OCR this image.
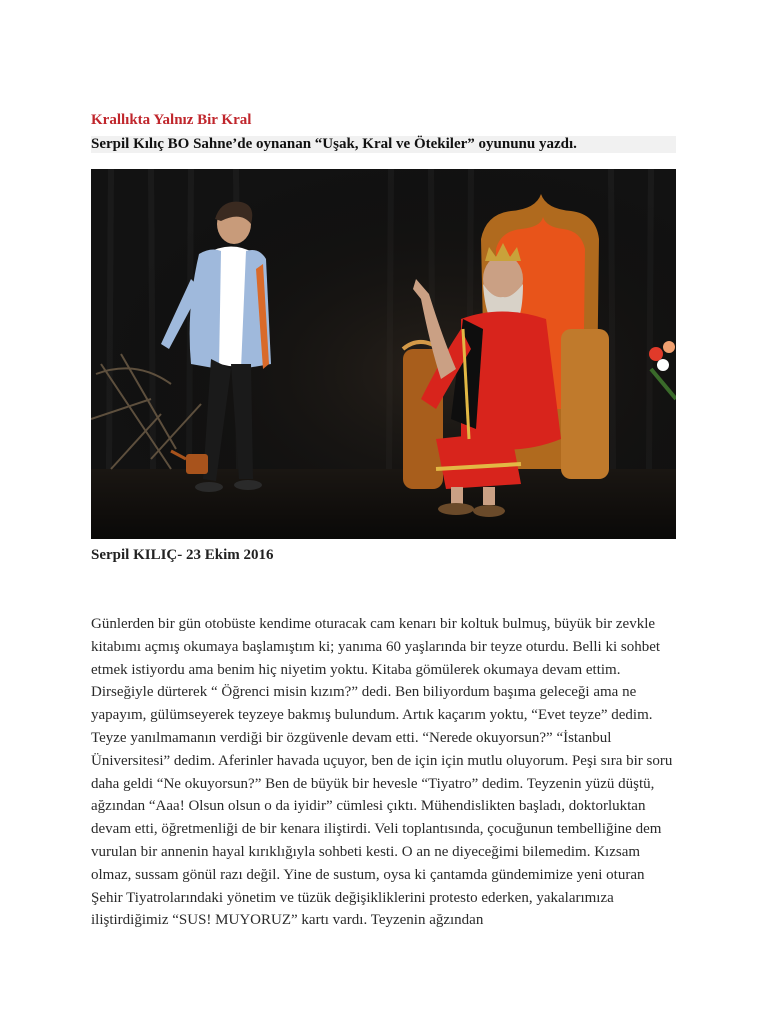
Krallıkta Yalnız Bir Kral
Serpil Kılıç BO Sahne’de oynanan “Uşak, Kral ve Ötekiler” oyununu yazdı.
Serpil KILIÇ- 23 Ekim 2016

Günlerden bir gün otobüste kendime oturacak cam kenarı bir koltuk bulmuş, büyük bir zevkle kitabımı açmış okumaya başlamıştım ki; yanıma 60 yaşlarında bir teyze oturdu. Belli ki sohbet etmek istiyordu ama benim hiç niyetim yoktu. Kitaba gömülerek okumaya devam ettim. Dirseğiyle dürterek “ Öğrenci misin kızım?” dedi. Ben biliyordum başıma geleceği ama ne yapayım, gülümseyerek teyzeye bakmış bulundum. Artık kaçarım yoktu, “Evet teyze” dedim. Teyze yanılmamanın verdiği bir özgüvenle devam etti. “Nerede okuyorsun?” “İstanbul Üniversitesi” dedim. Aferinler havada uçuyor, ben de için için mutlu oluyorum. Peşi sıra bir soru daha geldi “Ne okuyorsun?” Ben de büyük bir hevesle “Tiyatro” dedim. Teyzenin yüzü düştü, ağzından “Aaa! Olsun olsun o da iyidir” cümlesi çıktı. Mühendislikten başladı, doktorluktan devam etti, öğretmenliği de bir kenara iliştirdi. Veli toplantısında, çocuğunun tembelliğine dem vurulan bir annenin hayal kırıklığıyla sohbeti kesti. O an ne diyeceğimi bilemedim. Kızsam olmaz, sussam gönül razı değil. Yine de sustum, oysa ki çantamda gündemimize yeni oturan Şehir Tiyatrolarındaki yönetim ve tüzük değişikliklerini protesto ederken, yakalarımıza iliştirdiğimiz “SUS! MUYORUZ” kartı vardı. Teyzenin ağzından
